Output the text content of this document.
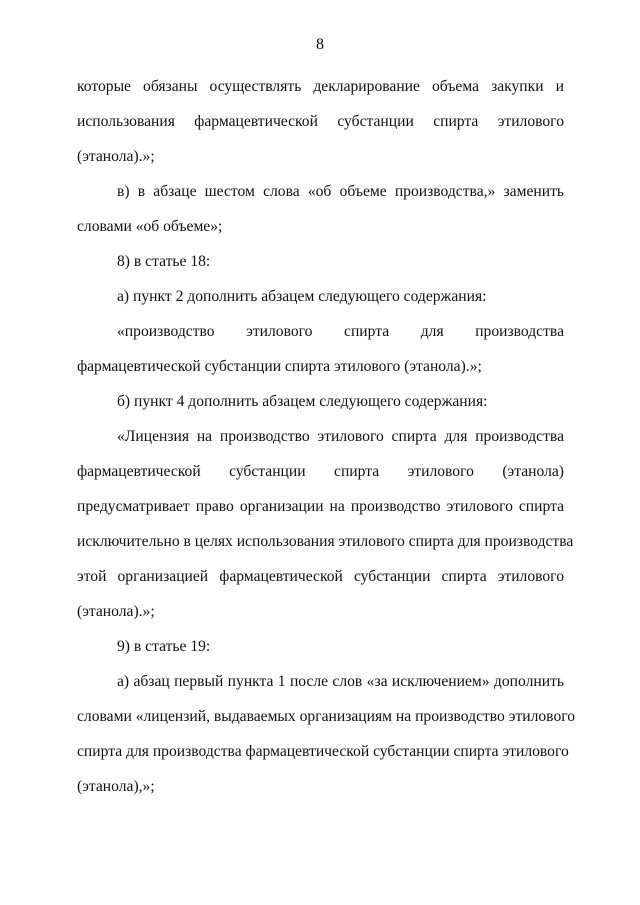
8
которые обязаны осуществлять декларирование объема закупки и
использования фармацевтической субстанции спирта этилового
(этанола).»;
в) в абзаце шестом слова «об объеме производства,» заменить
словами «об объеме»;
8) в статье 18:
а) пункт 2 дополнить абзацем следующего содержания:
«производство этилового спирта для производства
фармацевтической субстанции спирта этилового (этанола).»;
б) пункт 4 дополнить абзацем следующего содержания:
«Лицензия на производство этилового спирта для производства
фармацевтической субстанции спирта этилового (этанола)
предусматривает право организации на производство этилового спирта
исключительно в целях использования этилового спирта для производства
этой организацией фармацевтической субстанции спирта этилового
(этанола).»;
9) в статье 19:
а) абзац первый пункта 1 после слов «за исключением» дополнить
словами «лицензий, выдаваемых организациям на производство этилового
спирта для производства фармацевтической субстанции спирта этилового
(этанола),»;
